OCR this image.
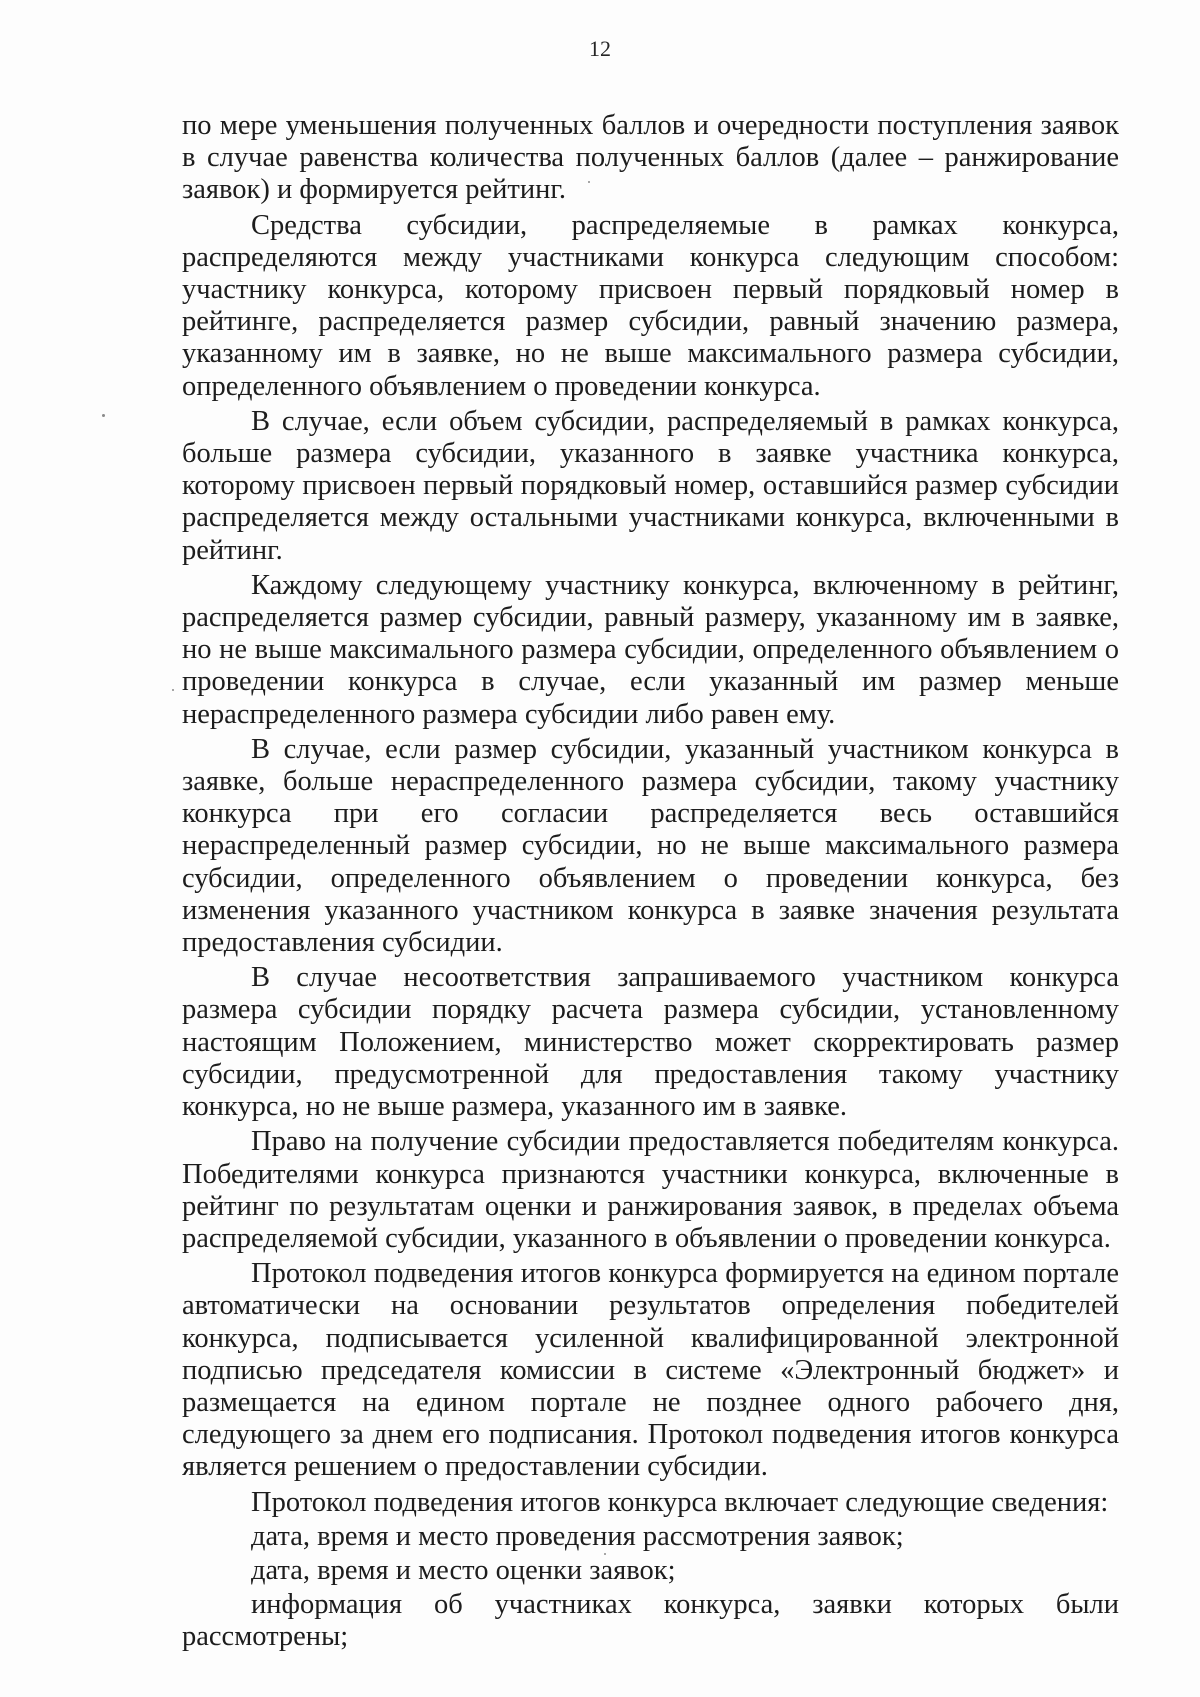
12

по мере уменьшения полученных баллов и очередности поступления заявок в случае равенства количества полученных баллов (далее – ранжирование заявок) и формируется рейтинг.

Средства субсидии, распределяемые в рамках конкурса, распределяются между участниками конкурса следующим способом: участнику конкурса, которому присвоен первый порядковый номер в рейтинге, распределяется размер субсидии, равный значению размера, указанному им в заявке, но не выше максимального размера субсидии, определенного объявлением о проведении конкурса.

В случае, если объем субсидии, распределяемый в рамках конкурса, больше размера субсидии, указанного в заявке участника конкурса, которому присвоен первый порядковый номер, оставшийся размер субсидии распределяется между остальными участниками конкурса, включенными в рейтинг.

Каждому следующему участнику конкурса, включенному в рейтинг, распределяется размер субсидии, равный размеру, указанному им в заявке, но не выше максимального размера субсидии, определенного объявлением о проведении конкурса в случае, если указанный им размер меньше нераспределенного размера субсидии либо равен ему.

В случае, если размер субсидии, указанный участником конкурса в заявке, больше нераспределенного размера субсидии, такому участнику конкурса при его согласии распределяется весь оставшийся нераспределенный размер субсидии, но не выше максимального размера субсидии, определенного объявлением о проведении конкурса, без изменения указанного участником конкурса в заявке значения результата предоставления субсидии.

В случае несоответствия запрашиваемого участником конкурса размера субсидии порядку расчета размера субсидии, установленному настоящим Положением, министерство может скорректировать размер субсидии, предусмотренной для предоставления такому участнику конкурса, но не выше размера, указанного им в заявке.

Право на получение субсидии предоставляется победителям конкурса. Победителями конкурса признаются участники конкурса, включенные в рейтинг по результатам оценки и ранжирования заявок, в пределах объема распределяемой субсидии, указанного в объявлении о проведении конкурса.

Протокол подведения итогов конкурса формируется на едином портале автоматически на основании результатов определения победителей конкурса, подписывается усиленной квалифицированной электронной подписью председателя комиссии в системе «Электронный бюджет» и размещается на едином портале не позднее одного рабочего дня, следующего за днем его подписания. Протокол подведения итогов конкурса является решением о предоставлении субсидии.

Протокол подведения итогов конкурса включает следующие сведения:

дата, время и место проведения рассмотрения заявок;

дата, время и место оценки заявок;

информация об участниках конкурса, заявки которых были рассмотрены;
